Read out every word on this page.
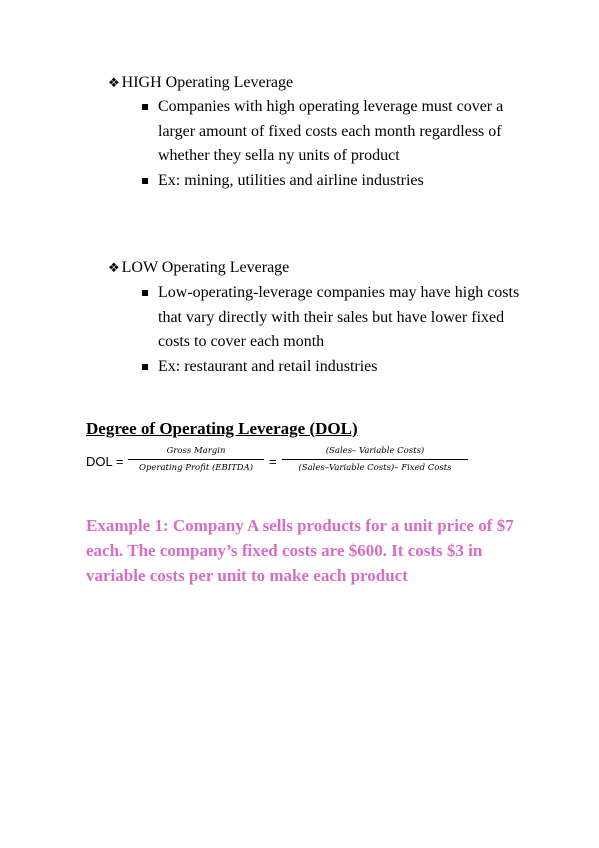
❖ HIGH Operating Leverage
Companies with high operating leverage must cover a larger amount of fixed costs each month regardless of whether they sella ny units of product
Ex: mining, utilities and airline industries
❖ LOW Operating Leverage
Low-operating-leverage companies may have high costs that vary directly with their sales but have lower fixed costs to cover each month
Ex: restaurant and retail industries
Degree of Operating Leverage (DOL)
DOL =
Gross Margin
Operating Profit (EBITDA)	=
(Sales– Variable Costs)
(Sales–Variable Costs)– Fixed Costs
Example 1: Company A sells products for a unit price of $7 each. The company’s fixed costs are $600. It costs $3 in variable costs per unit to make each product
